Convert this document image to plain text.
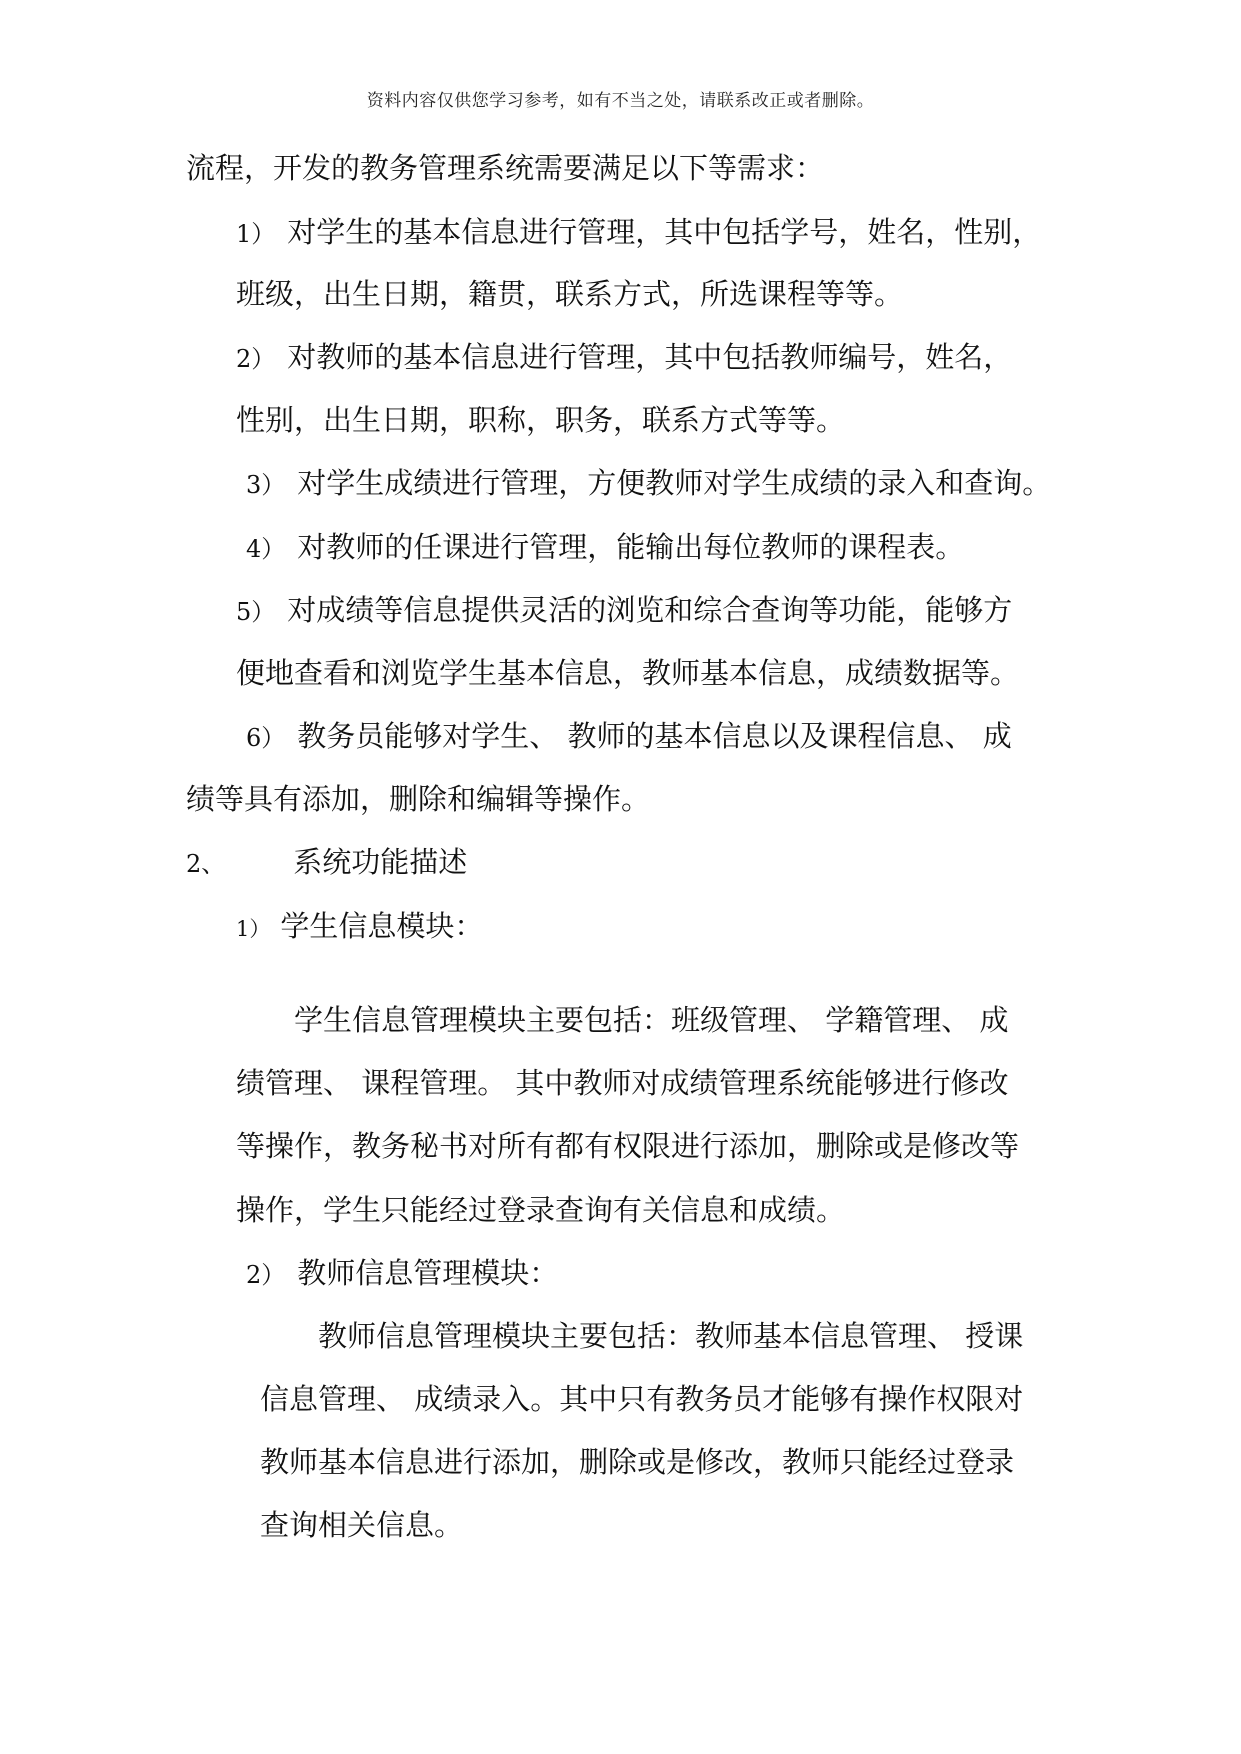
资料内容仅供您学习参考，如有不当之处，请联系改正或者删除。
流程，开发的教务管理系统需要满足以下等需求：
1） 对学生的基本信息进行管理，其中包括学号，姓名，性别，
班级，出生日期，籍贯，联系方式，所选课程等等。
2） 对教师的基本信息进行管理，其中包括教师编号，姓名，
性别，出生日期，职称，职务，联系方式等等。
3） 对学生成绩进行管理，方便教师对学生成绩的录入和查询。
4） 对教师的任课进行管理，能输出每位教师的课程表。
5） 对成绩等信息提供灵活的浏览和综合查询等功能，能够方
便地查看和浏览学生基本信息，教师基本信息，成绩数据等。
6） 教务员能够对学生、 教师的基本信息以及课程信息、 成
绩等具有添加，删除和编辑等操作。
2、 系统功能描述
1） 学生信息模块：
学生信息管理模块主要包括：班级管理、 学籍管理、 成
绩管理、 课程管理。 其中教师对成绩管理系统能够进行修改
等操作，教务秘书对所有都有权限进行添加，删除或是修改等
操作，学生只能经过登录查询有关信息和成绩。
2） 教师信息管理模块：
教师信息管理模块主要包括：教师基本信息管理、 授课
信息管理、 成绩录入。其中只有教务员才能够有操作权限对
教师基本信息进行添加，删除或是修改，教师只能经过登录
查询相关信息。
